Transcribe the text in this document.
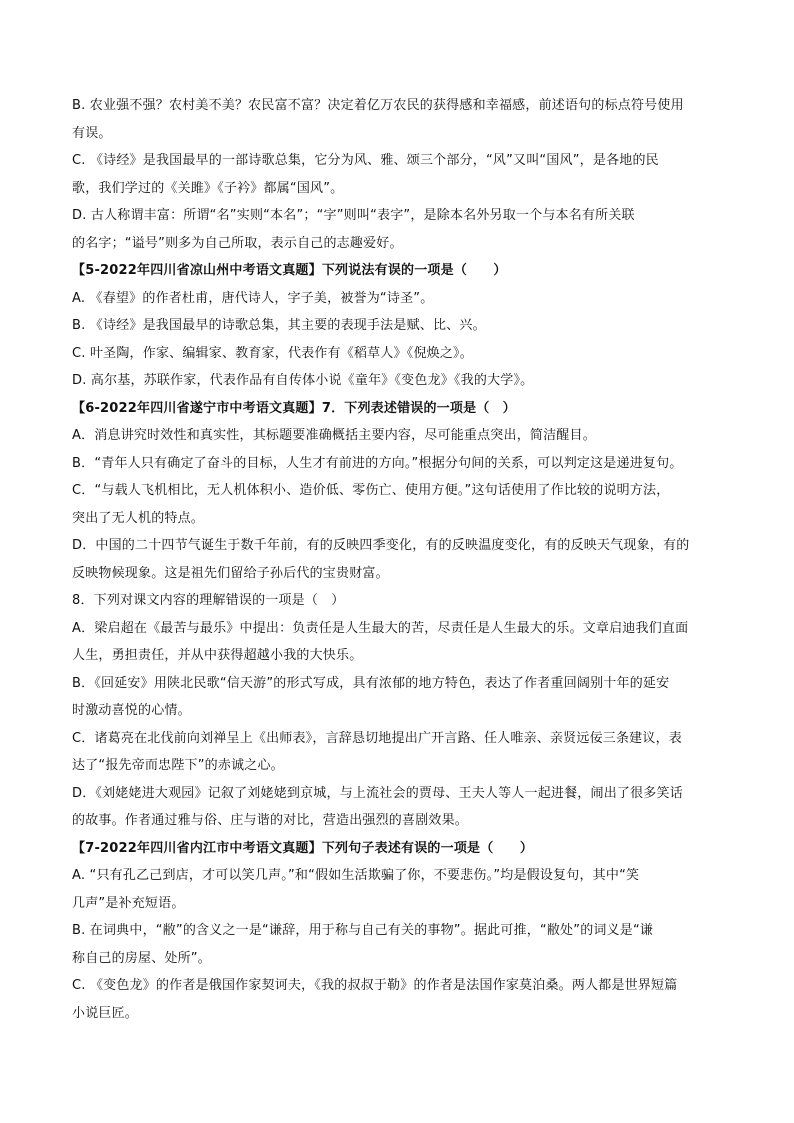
B. 农业强不强？农村美不美？农民富不富？决定着亿万农民的获得感和幸福感，前述语句的标点符号使用
有误。
C. 《诗经》是我国最早的一部诗歌总集，它分为风、雅、颂三个部分，“风”又叫“国风”，是各地的民
歌，我们学过的《关雎》《子衿》都属“国风”。
D. 古人称谓丰富：所谓“名”实则“本名”；“字”则叫“表字”，是除本名外另取一个与本名有所关联
的名字；“谥号”则多为自己所取，表示自己的志趣爱好。
【5-2022年四川省凉山州中考语文真题】下列说法有误的一项是（　　）
A. 《春望》的作者杜甫，唐代诗人，字子美，被誉为“诗圣”。
B. 《诗经》是我国最早的诗歌总集，其主要的表现手法是赋、比、兴。
C. 叶圣陶，作家、编辑家、教育家，代表作有《稻草人》《倪焕之》。
D. 高尔基，苏联作家，代表作品有自传体小说《童年》《变色龙》《我的大学》。
【6-2022年四川省遂宁市中考语文真题】7．下列表述错误的一项是（　）
A．消息讲究时效性和真实性，其标题要准确概括主要内容，尽可能重点突出，简洁醒目。
B．“青年人只有确定了奋斗的目标，人生才有前进的方向。”根据分句间的关系，可以判定这是递进复句。
C．“与载人飞机相比，无人机体积小、造价低、零伤亡、使用方便。”这句话使用了作比较的说明方法，
突出了无人机的特点。
D．中国的二十四节气诞生于数千年前，有的反映四季变化，有的反映温度变化，有的反映天气现象，有的
反映物候现象。这是祖先们留给子孙后代的宝贵财富。
8．下列对课文内容的理解错误的一项是（　）
A．梁启超在《最苦与最乐》中提出：负责任是人生最大的苦，尽责任是人生最大的乐。文章启迪我们直面
人生，勇担责任，并从中获得超越小我的大快乐。
B．《回延安》用陕北民歌“信天游”的形式写成，具有浓郁的地方特色，表达了作者重回阔别十年的延安
时激动喜悦的心情。
C．诸葛亮在北伐前向刘禅呈上《出师表》，言辞恳切地提出广开言路、任人唯亲、亲贤远佞三条建议，表
达了“报先帝而忠陛下”的赤诚之心。
D．《刘姥姥进大观园》记叙了刘姥姥到京城，与上流社会的贾母、王夫人等人一起进餐，闹出了很多笑话
的故事。作者通过雅与俗、庄与谐的对比，营造出强烈的喜剧效果。
【7-2022年四川省内江市中考语文真题】下列句子表述有误的一项是（　　）
A. “只有孔乙己到店，才可以笑几声。”和“假如生活欺骗了你，不要悲伤。”均是假设复句，其中“笑
几声”是补充短语。
B. 在词典中，“敝”的含义之一是“谦辞，用于称与自己有关的事物”。据此可推，“敝处”的词义是“谦
称自己的房屋、处所”。
C. 《变色龙》的作者是俄国作家契诃夫，《我的叔叔于勒》的作者是法国作家莫泊桑。两人都是世界短篇
小说巨匠。
